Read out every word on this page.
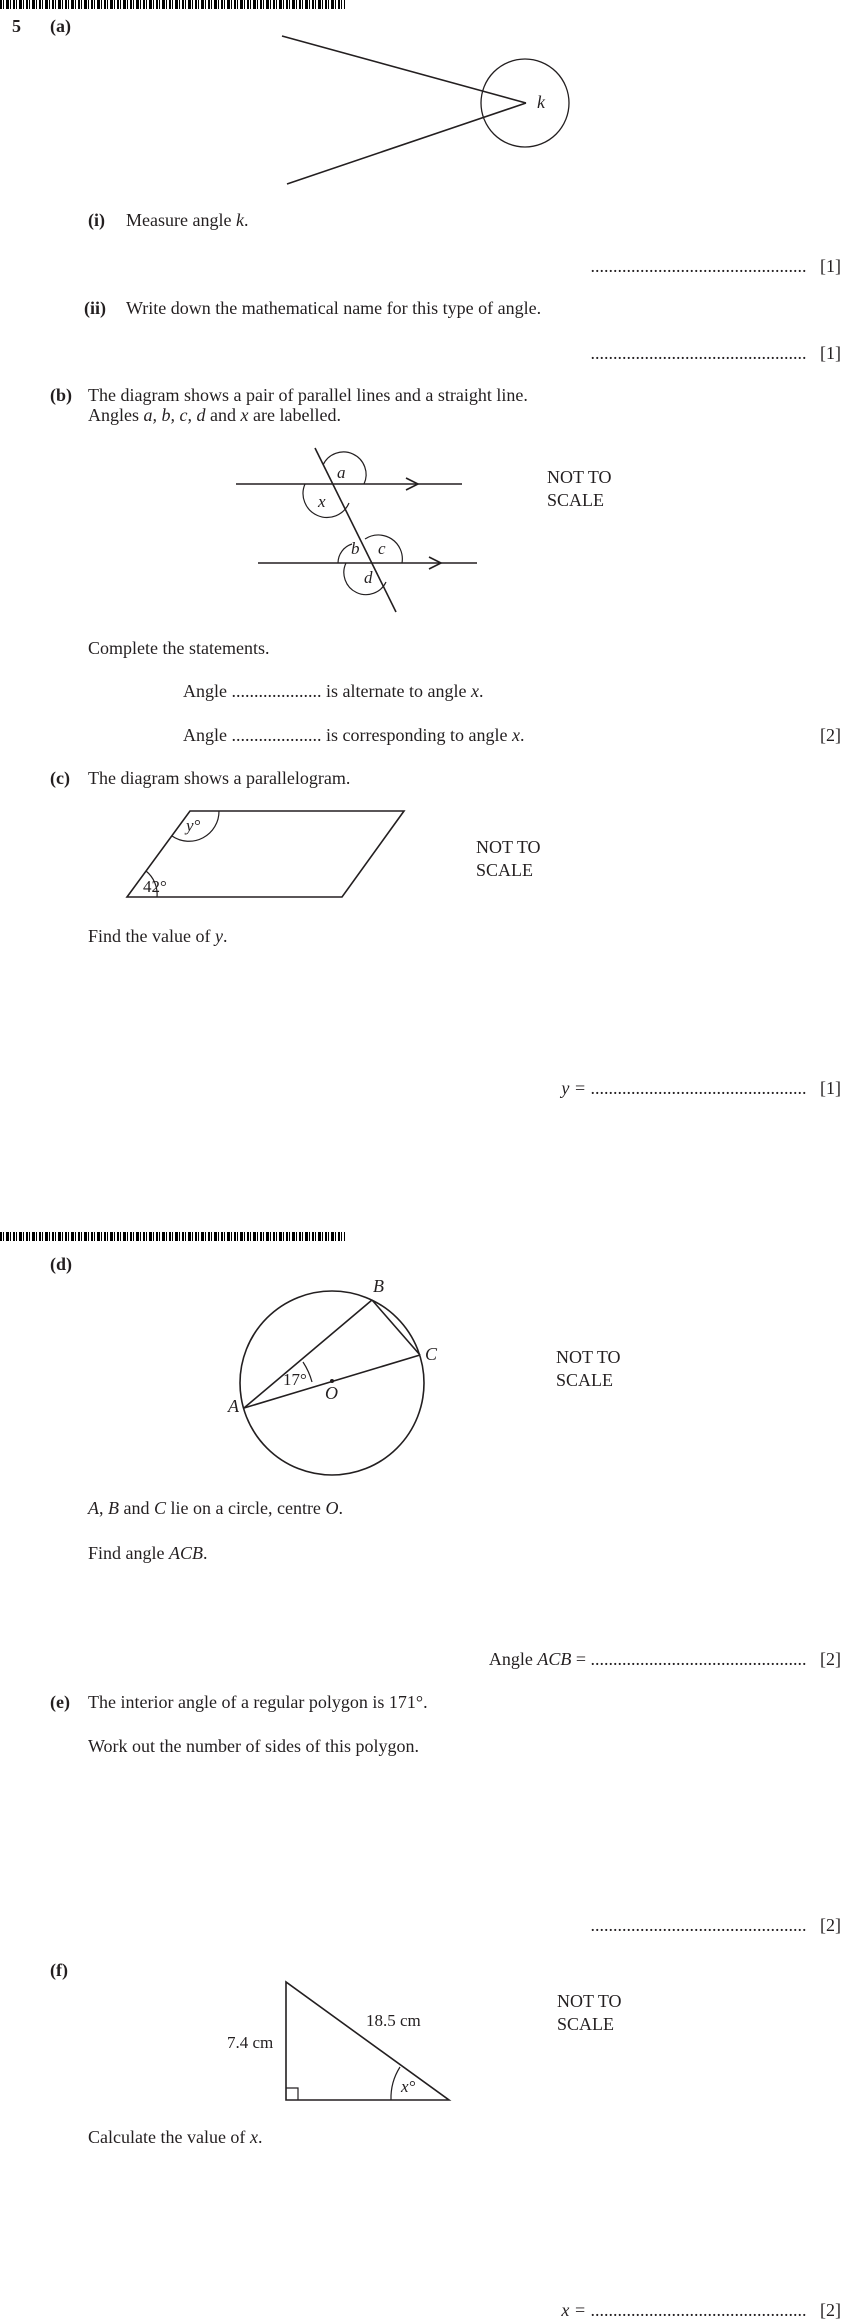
5 (a)
k
(i) Measure angle k.
................................................ [1]
(ii) Write down the mathematical name for this type of angle.
................................................ [1]
(b) The diagram shows a pair of parallel lines and a straight line.
Angles a, b, c, d and x are labelled.
a
x
b c
d
NOT TO
SCALE
Complete the statements.
Angle .................... is alternate to angle x.
Angle .................... is corresponding to angle x.	[2]
(c) The diagram shows a parallelogram.
y°
42°
NOT TO
SCALE
Find the value of y.
y = ................................................ [1]
(d)
B
C
A
O
17°
NOT TO
SCALE
A, B and C lie on a circle, centre O.
Find angle ACB.
Angle ACB = ................................................ [2]
(e) The interior angle of a regular polygon is 171°.
Work out the number of sides of this polygon.
................................................ [2]
(f)
7.4 cm
18.5 cm
x°
NOT TO
SCALE
Calculate the value of x.
x = ................................................ [2]
